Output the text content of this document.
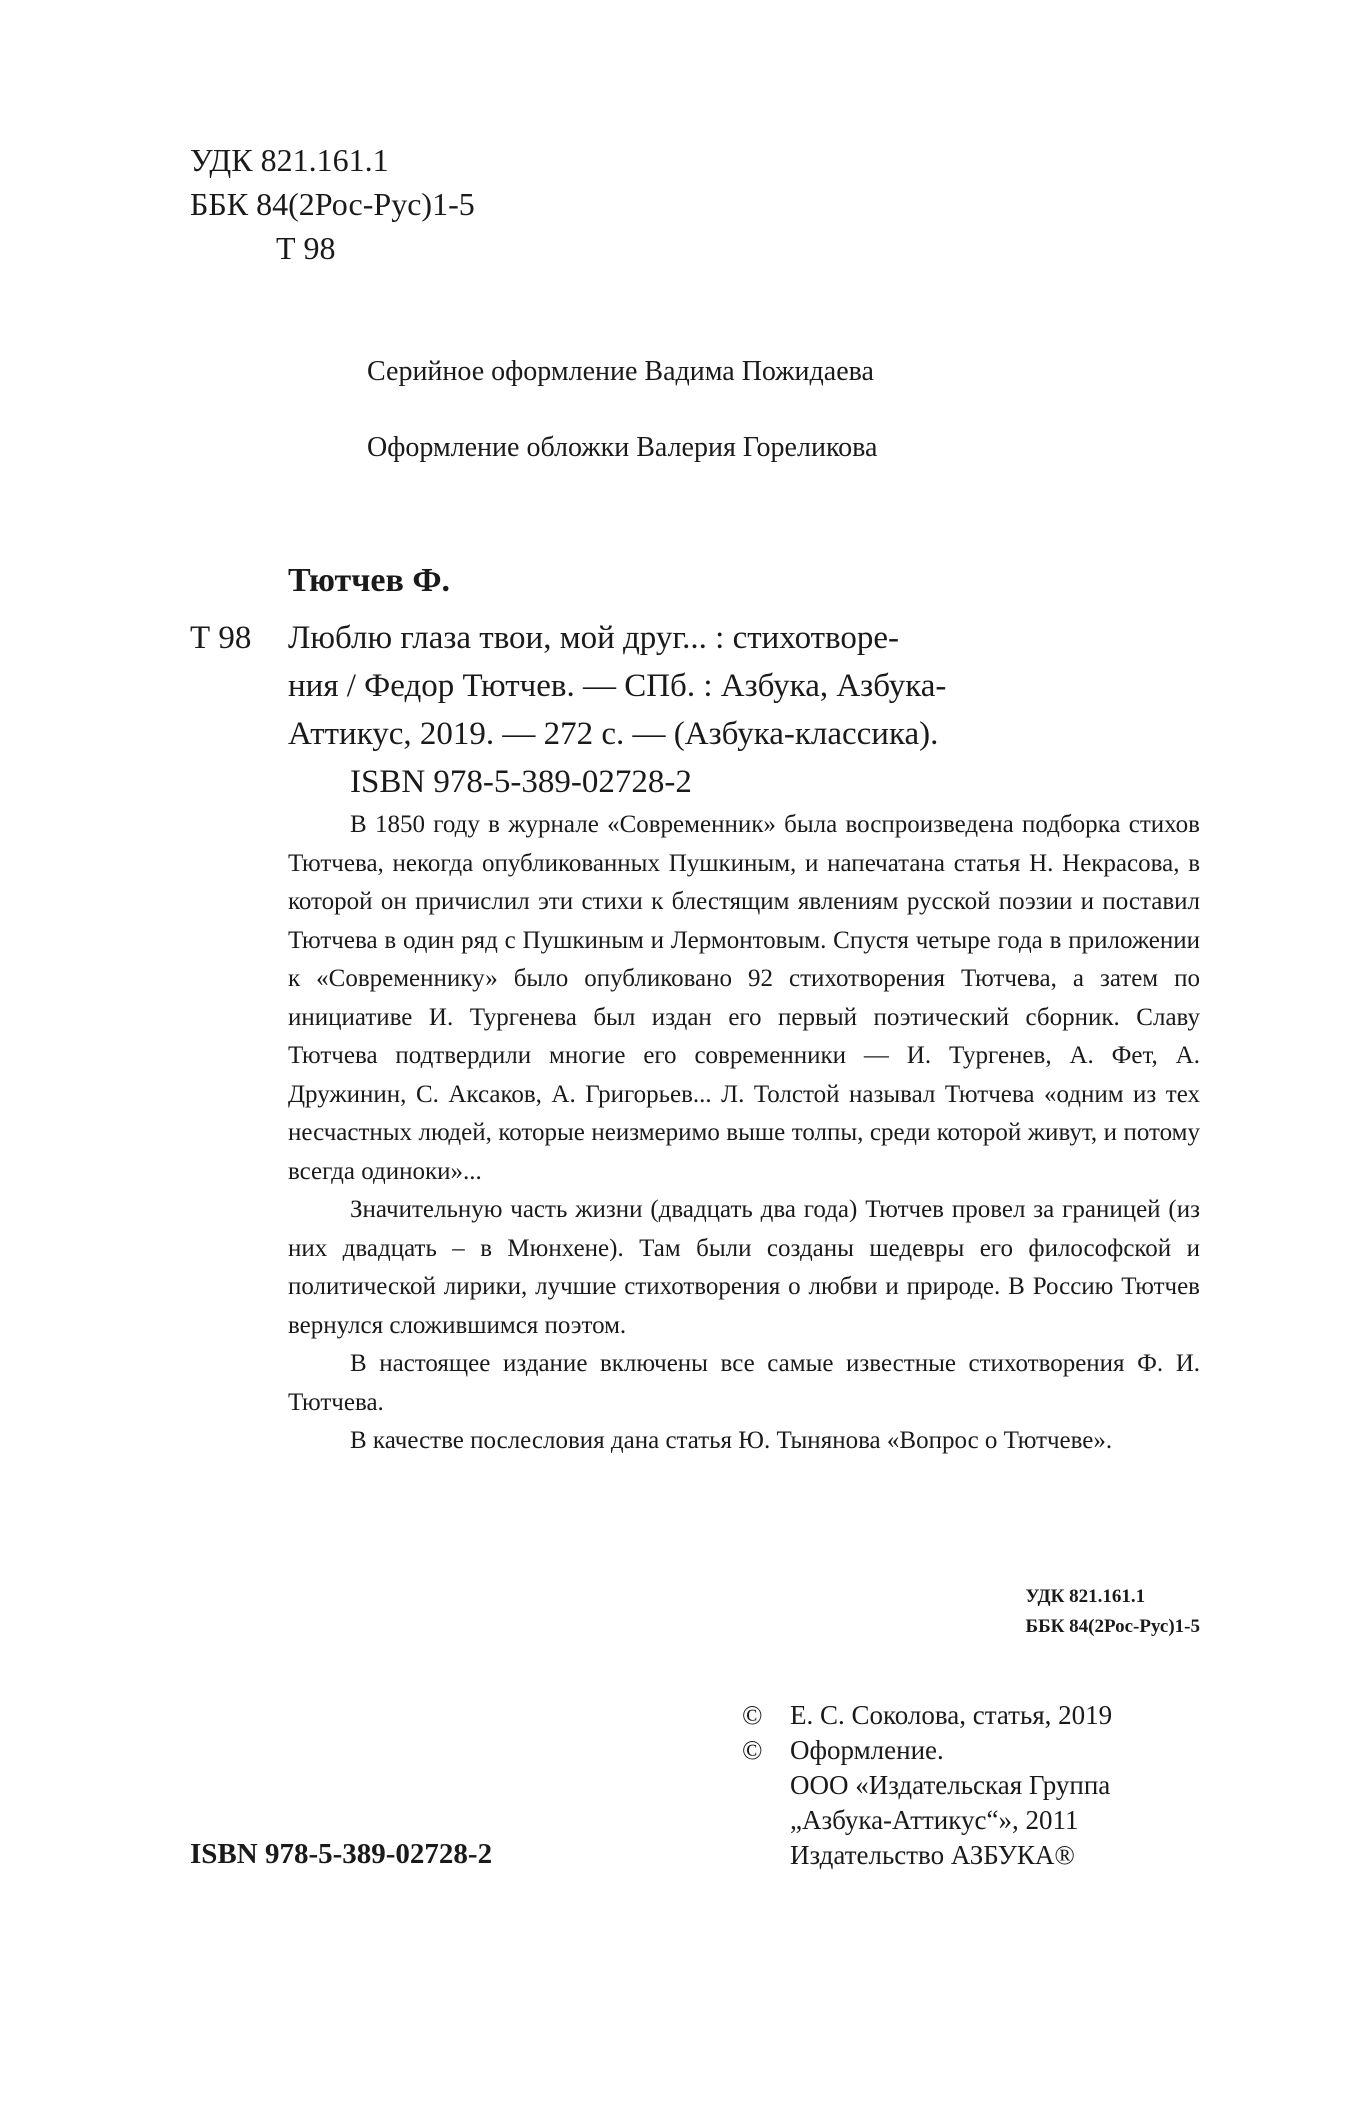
УДК 821.161.1
ББК 84(2Рос-Рус)1-5
Т 98
Серийное оформление Вадима Пожидаева
Оформление обложки Валерия Гореликова
Тютчев Ф.
Т 98 Люблю глаза твои, мой друг... : стихотворе-
ния / Федор Тютчев. — СПб. : Азбука, Азбука-
Аттикус, 2019. — 272 с. — (Азбука-классика).
ISBN 978-5-389-02728-2

В 1850 году в журнале «Современник» была воспроизведена подборка стихов Тютчева, некогда опубликованных Пушкиным, и напечатана статья Н. Некрасова, в которой он причислил эти стихи к блестящим явлениям русской поэзии и поставил Тютчева в один ряд с Пушкиным и Лермонтовым. Спустя четыре года в приложении к «Современнику» было опубликовано 92 стихотворения Тютчева, а затем по инициативе И. Тургенева был издан его первый поэтический сборник. Славу Тютчева подтвердили многие его современники — И. Тургенев, А. Фет, А. Дружинин, С. Аксаков, А. Григорьев... Л. Толстой называл Тютчева «одним из тех несчастных людей, которые неизмеримо выше толпы, среди которой живут, и потому всегда одиноки»...

Значительную часть жизни (двадцать два года) Тютчев провел за границей (из них двадцать – в Мюнхене). Там были созданы шедевры его философской и политической лирики, лучшие стихотворения о любви и природе. В Россию Тютчев вернулся сложившимся поэтом.

В настоящее издание включены все самые известные стихотворения Ф. И. Тютчева.

В качестве послесловия дана статья Ю. Тынянова «Вопрос о Тютчеве».

УДК 821.161.1
ББК 84(2Рос-Рус)1-5
©	Е. С. Соколова, статья, 2019
©	Оформление.
ООО «Издательская Группа
„Азбука-Аттикус“», 2011
Издательство АЗБУКА®
ISBN 978-5-389-02728-2
